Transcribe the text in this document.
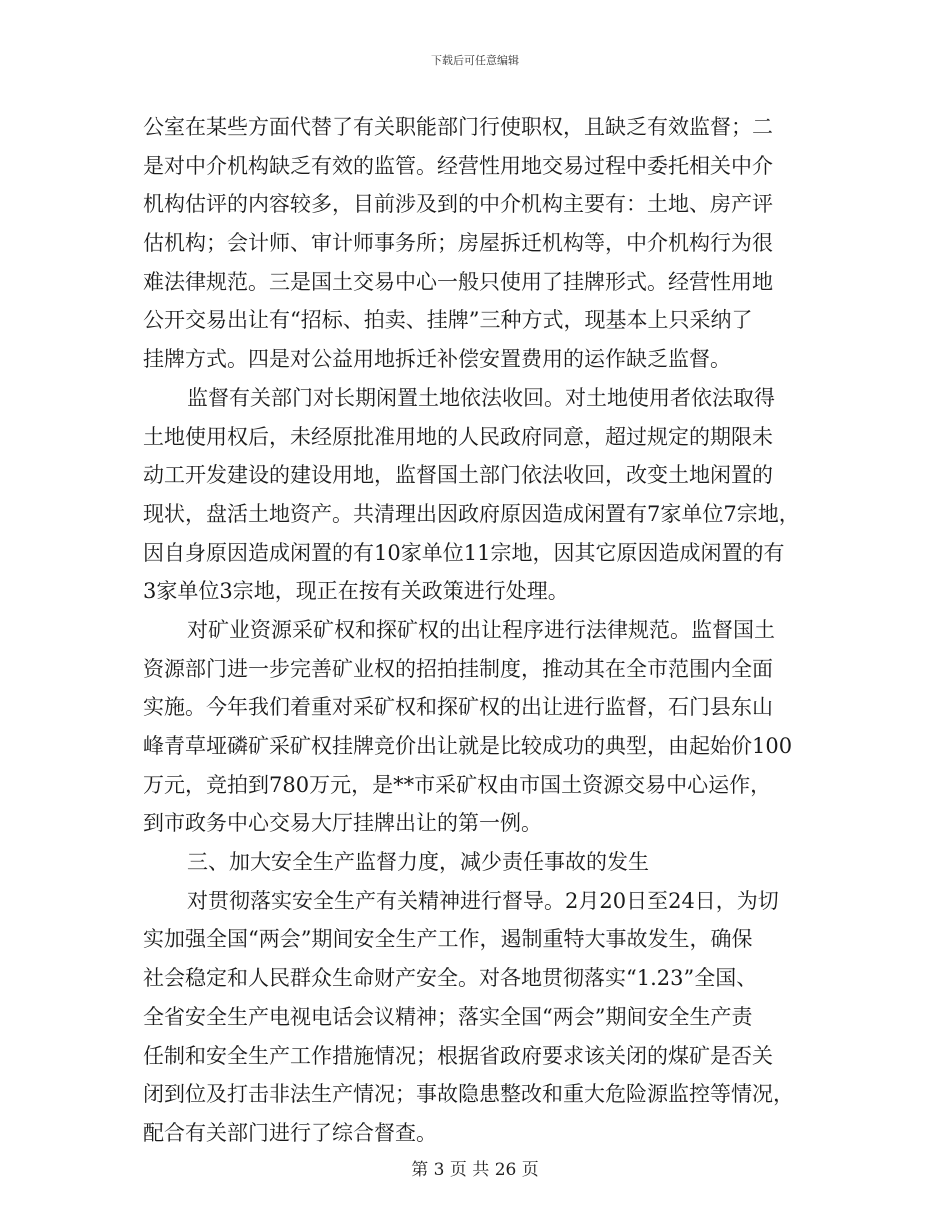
下载后可任意编辑
公室在某些方面代替了有关职能部门行使职权，且缺乏有效监督；二
是对中介机构缺乏有效的监管。经营性用地交易过程中委托相关中介
机构估评的内容较多，目前涉及到的中介机构主要有：土地、房产评
估机构；会计师、审计师事务所；房屋拆迁机构等，中介机构行为很
难法律规范。三是国土交易中心一般只使用了挂牌形式。经营性用地
公开交易出让有“招标、拍卖、挂牌”三种方式，现基本上只采纳了
挂牌方式。四是对公益用地拆迁补偿安置费用的运作缺乏监督。
监督有关部门对长期闲置土地依法收回。对土地使用者依法取得
土地使用权后，未经原批准用地的人民政府同意，超过规定的期限未
动工开发建设的建设用地，监督国土部门依法收回，改变土地闲置的
现状，盘活土地资产。共清理出因政府原因造成闲置有7家单位7宗地，
因自身原因造成闲置的有10家单位11宗地，因其它原因造成闲置的有
3家单位3宗地，现正在按有关政策进行处理。
对矿业资源采矿权和探矿权的出让程序进行法律规范。监督国土
资源部门进一步完善矿业权的招拍挂制度，推动其在全市范围内全面
实施。今年我们着重对采矿权和探矿权的出让进行监督，石门县东山
峰青草垭磷矿采矿权挂牌竞价出让就是比较成功的典型，由起始价100
万元，竞拍到780万元，是**市采矿权由市国土资源交易中心运作，
到市政务中心交易大厅挂牌出让的第一例。
三、加大安全生产监督力度，减少责任事故的发生
对贯彻落实安全生产有关精神进行督导。2月20日至24日，为切
实加强全国“两会”期间安全生产工作，遏制重特大事故发生，确保
社会稳定和人民群众生命财产安全。对各地贯彻落实“1.23”全国、
全省安全生产电视电话会议精神；落实全国“两会”期间安全生产责
任制和安全生产工作措施情况；根据省政府要求该关闭的煤矿是否关
闭到位及打击非法生产情况；事故隐患整改和重大危险源监控等情况，
配合有关部门进行了综合督查。
第 3 页 共 26 页
